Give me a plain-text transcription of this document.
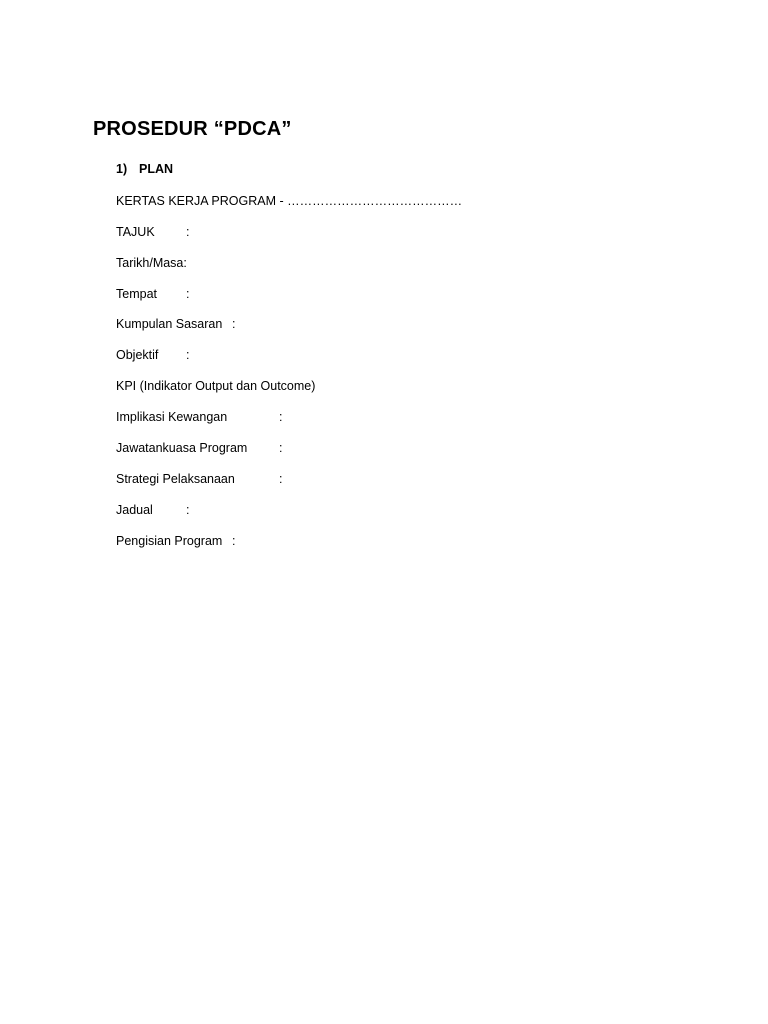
PROSEDUR “PDCA”
1) PLAN
KERTAS KERJA PROGRAM - ……………………………………
TAJUK	:
Tarikh/Masa:
Tempat :
Kumpulan Sasaran :
Objektif :
KPI (Indikator Output dan Outcome)
Implikasi Kewangan	:
Jawatankuasa Program	:
Strategi Pelaksanaan	:
Jadual	:
Pengisian Program :
